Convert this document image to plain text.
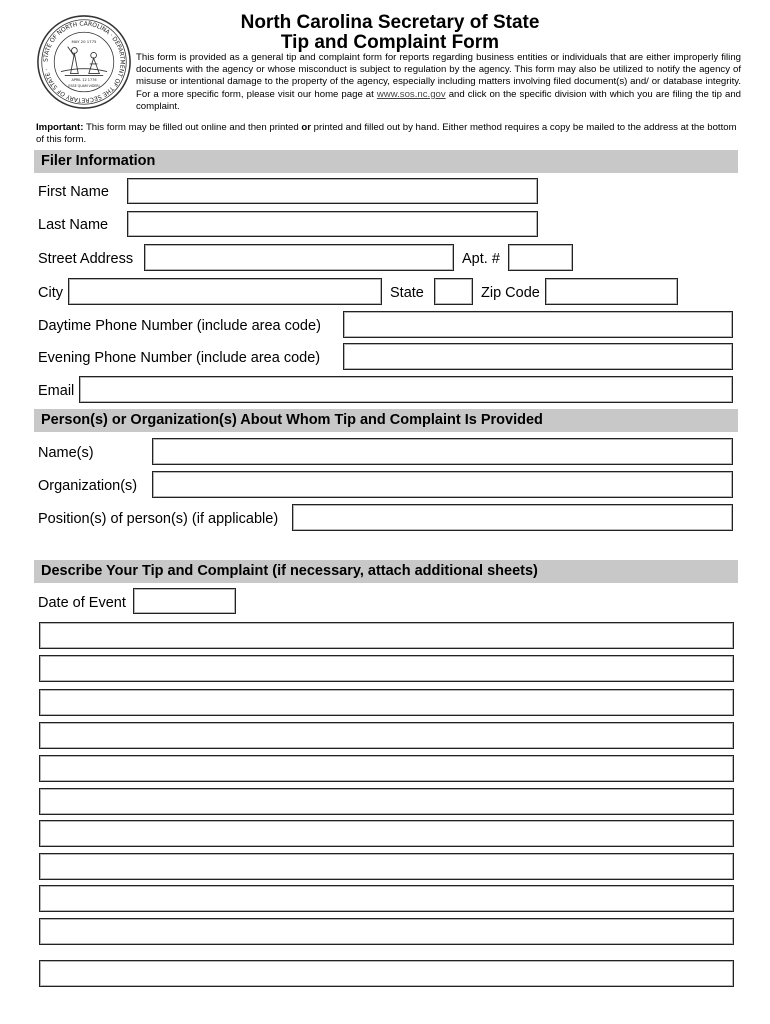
STATE OF NORTH CAROLINA · DEPARTMENT OF THE SECRETARY OF STATE ·
MAY 20 1775
APRIL 12 1776
ESSE QUAM VIDERI
North Carolina Secretary of State
Tip and Complaint Form
This form is provided as a general tip and complaint form for reports regarding business entities or individuals that are either improperly filing documents with the agency or whose misconduct is subject to regulation by the agency. This form may also be utilized to notify the agency of misuse or intentional damage to the property of the agency, especially including matters involving filed document(s) and/ or database integrity. For a more specific form, please visit our home page at www.sos.nc.gov and click on the specific division with which you are filing the tip and complaint.
Important: This form may be filled out online and then printed or printed and filled out by hand. Either method requires a copy be mailed to the address at the bottom of this form.
Filer Information
First Name
Last Name
Street Address	Apt. #
City	State	Zip Code
Daytime Phone Number (include area code)
Evening Phone Number (include area code)
Email
Person(s) or Organization(s) About Whom Tip and Complaint Is Provided
Name(s)
Organization(s)
Position(s) of person(s) (if applicable)
Describe Your Tip and Complaint (if necessary, attach additional sheets)
Date of Event
